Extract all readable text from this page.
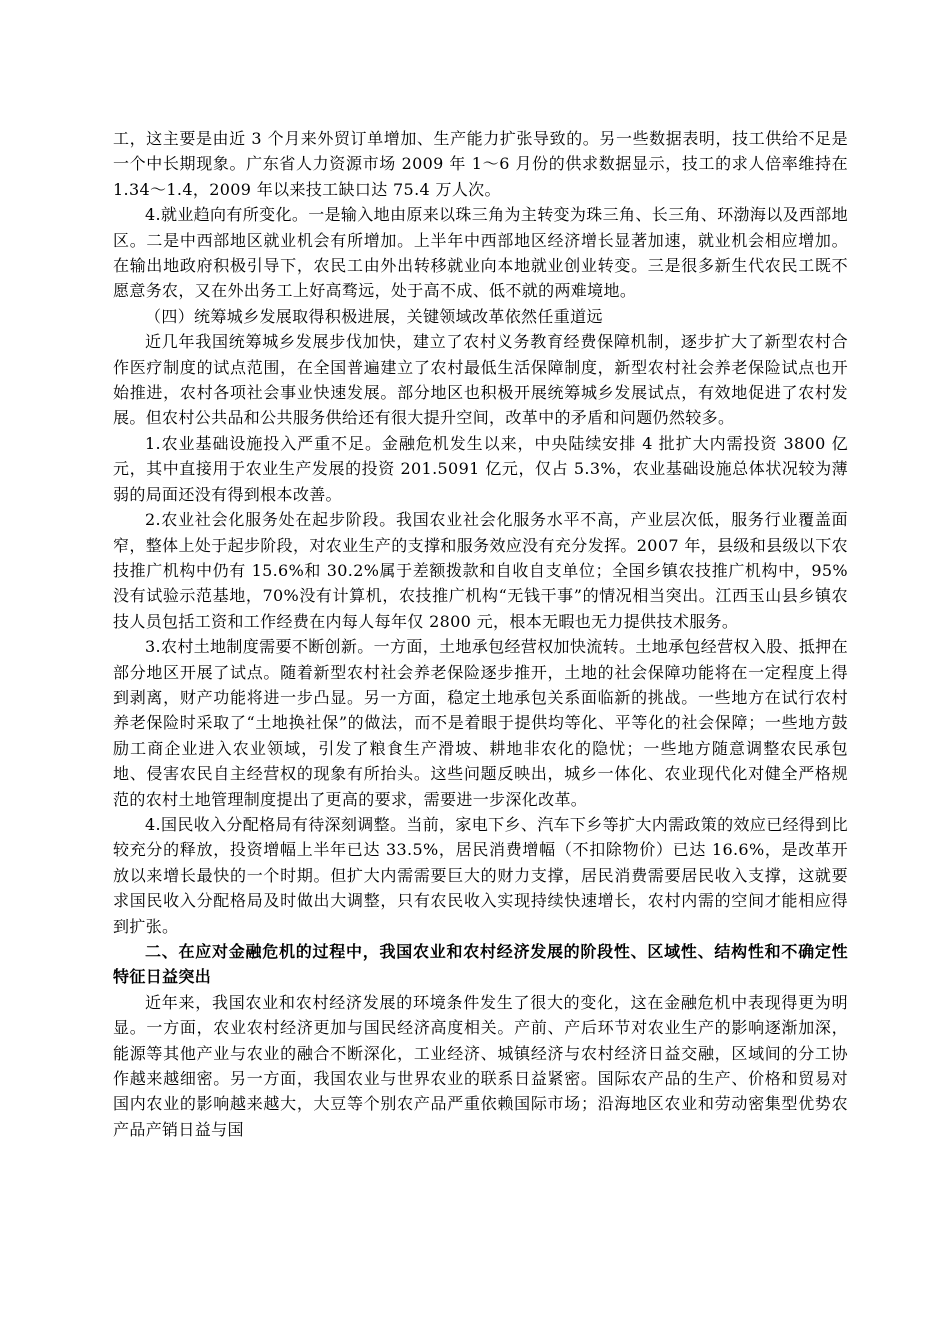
工，这主要是由近 3 个月来外贸订单增加、生产能力扩张导致的。另一些数据表明，技工供给不足是一个中长期现象。广东省人力资源市场 2009 年 1～6 月份的供求数据显示，技工的求人倍率维持在 1.34～1.4，2009 年以来技工缺口达 75.4 万人次。

4.就业趋向有所变化。一是输入地由原来以珠三角为主转变为珠三角、长三角、环渤海以及西部地区。二是中西部地区就业机会有所增加。上半年中西部地区经济增长显著加速，就业机会相应增加。在输出地政府积极引导下，农民工由外出转移就业向本地就业创业转变。三是很多新生代农民工既不愿意务农，又在外出务工上好高骛远，处于高不成、低不就的两难境地。

（四）统筹城乡发展取得积极进展，关键领域改革依然任重道远

近几年我国统筹城乡发展步伐加快，建立了农村义务教育经费保障机制，逐步扩大了新型农村合作医疗制度的试点范围，在全国普遍建立了农村最低生活保障制度，新型农村社会养老保险试点也开始推进，农村各项社会事业快速发展。部分地区也积极开展统筹城乡发展试点，有效地促进了农村发展。但农村公共品和公共服务供给还有很大提升空间，改革中的矛盾和问题仍然较多。

1.农业基础设施投入严重不足。金融危机发生以来，中央陆续安排 4 批扩大内需投资 3800 亿元，其中直接用于农业生产发展的投资 201.5091 亿元，仅占 5.3%，农业基础设施总体状况较为薄弱的局面还没有得到根本改善。

2.农业社会化服务处在起步阶段。我国农业社会化服务水平不高，产业层次低，服务行业覆盖面窄，整体上处于起步阶段，对农业生产的支撑和服务效应没有充分发挥。2007 年，县级和县级以下农技推广机构中仍有 15.6%和 30.2%属于差额拨款和自收自支单位；全国乡镇农技推广机构中，95%没有试验示范基地，70%没有计算机，农技推广机构“无钱干事”的情况相当突出。江西玉山县乡镇农技人员包括工资和工作经费在内每人每年仅 2800 元，根本无暇也无力提供技术服务。

3.农村土地制度需要不断创新。一方面，土地承包经营权加快流转。土地承包经营权入股、抵押在部分地区开展了试点。随着新型农村社会养老保险逐步推开，土地的社会保障功能将在一定程度上得到剥离，财产功能将进一步凸显。另一方面，稳定土地承包关系面临新的挑战。一些地方在试行农村养老保险时采取了“土地换社保”的做法，而不是着眼于提供均等化、平等化的社会保障；一些地方鼓励工商企业进入农业领域，引发了粮食生产滑坡、耕地非农化的隐忧；一些地方随意调整农民承包地、侵害农民自主经营权的现象有所抬头。这些问题反映出，城乡一体化、农业现代化对健全严格规范的农村土地管理制度提出了更高的要求，需要进一步深化改革。

4.国民收入分配格局有待深刻调整。当前，家电下乡、汽车下乡等扩大内需政策的效应已经得到比较充分的释放，投资增幅上半年已达 33.5%，居民消费增幅（不扣除物价）已达 16.6%，是改革开放以来增长最快的一个时期。但扩大内需需要巨大的财力支撑，居民消费需要居民收入支撑，这就要求国民收入分配格局及时做出大调整，只有农民收入实现持续快速增长，农村内需的空间才能相应得到扩张。

二、在应对金融危机的过程中，我国农业和农村经济发展的阶段性、区域性、结构性和不确定性特征日益突出

近年来，我国农业和农村经济发展的环境条件发生了很大的变化，这在金融危机中表现得更为明显。一方面，农业农村经济更加与国民经济高度相关。产前、产后环节对农业生产的影响逐渐加深，能源等其他产业与农业的融合不断深化，工业经济、城镇经济与农村经济日益交融，区域间的分工协作越来越细密。另一方面，我国农业与世界农业的联系日益紧密。国际农产品的生产、价格和贸易对国内农业的影响越来越大，大豆等个别农产品严重依赖国际市场；沿海地区农业和劳动密集型优势农产品产销日益与国
